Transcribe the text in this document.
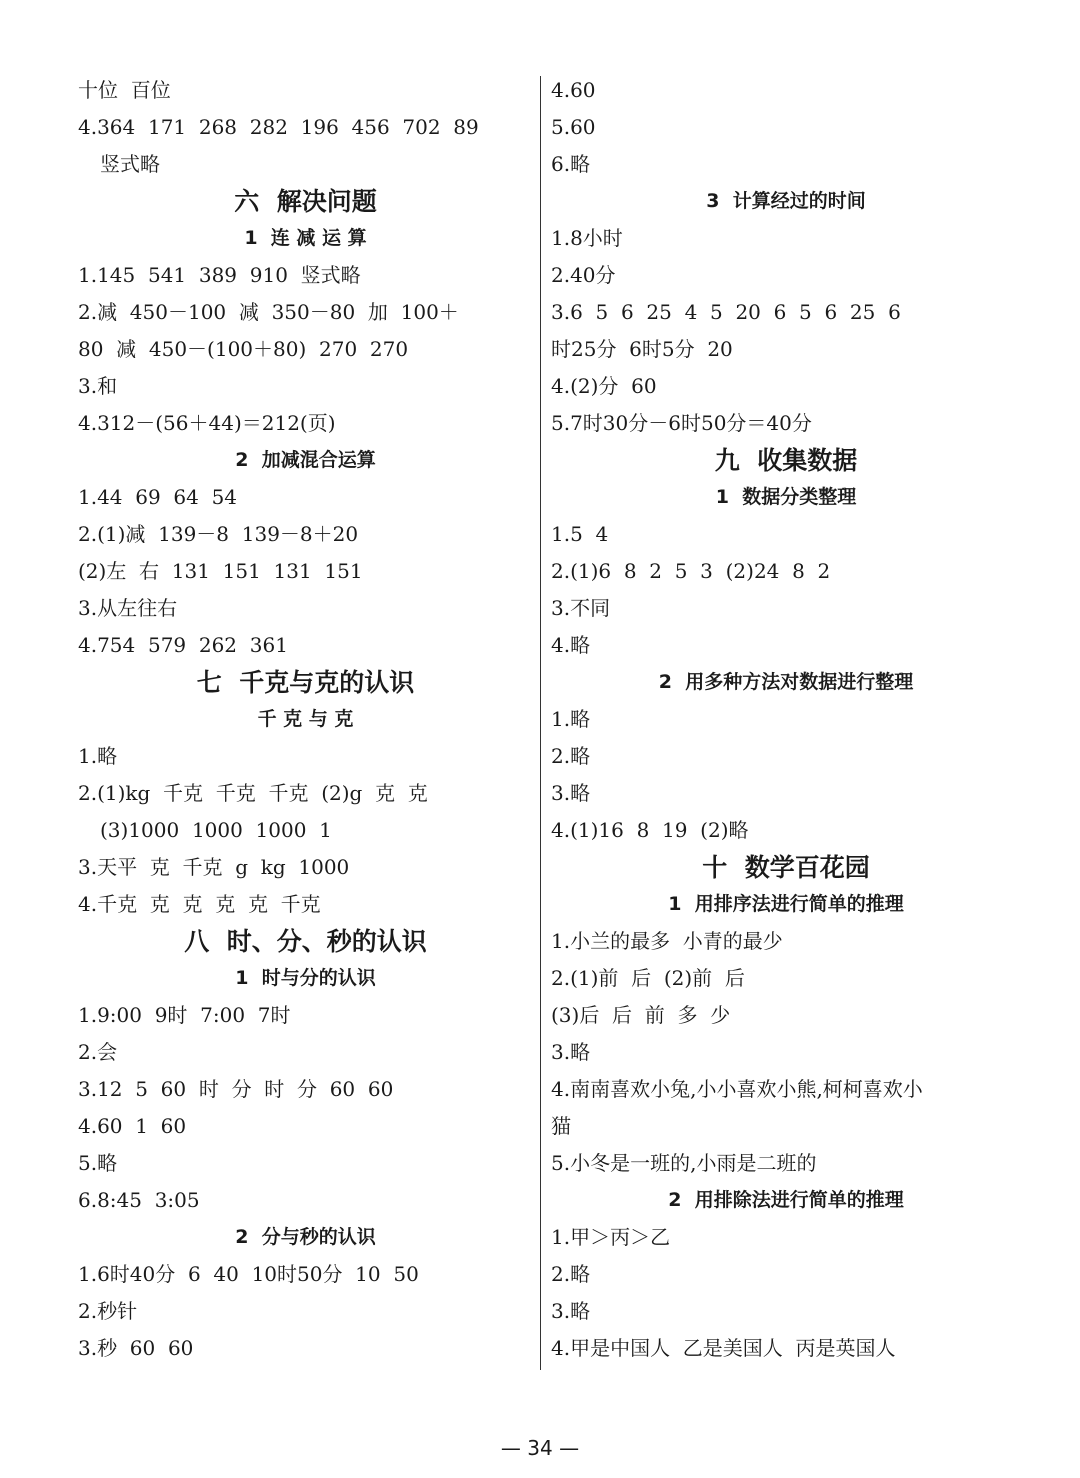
十位  百位
4.364  171  268  282  196  456  702  89
竖式略
六  解决问题
1  连 减 运 算
1.145  541  389  910  竖式略
2.减  450－100  减  350－80  加  100＋
80  减  450－(100＋80)  270  270
3.和
4.312－(56＋44)＝212(页)
2  加减混合运算
1.44  69  64  54
2.(1)减  139－8  139－8＋20
(2)左  右  131  151  131  151
3.从左往右
4.754  579  262  361
七  千克与克的认识
千 克 与 克
1.略
2.(1)kg  千克  千克  千克  (2)g  克  克
(3)1000  1000  1000  1
3.天平  克  千克  g  kg  1000
4.千克  克  克  克  克  千克
八  时、分、秒的认识
1  时与分的认识
1.9:00  9时  7:00  7时
2.会
3.12  5  60  时  分  时  分  60  60
4.60  1  60
5.略
6.8:45  3:05
2  分与秒的认识
1.6时40分  6  40  10时50分  10  50
2.秒针
3.秒  60  60
4.60
5.60
6.略
3  计算经过的时间
1.8小时
2.40分
3.6  5  6  25  4  5  20  6  5  6  25  6
时25分  6时5分  20
4.(2)分  60
5.7时30分－6时50分＝40分
九  收集数据
1  数据分类整理
1.5  4
2.(1)6  8  2  5  3  (2)24  8  2
3.不同
4.略
2  用多种方法对数据进行整理
1.略
2.略
3.略
4.(1)16  8  19  (2)略
十  数学百花园
1  用排序法进行简单的推理
1.小兰的最多  小青的最少
2.(1)前  后  (2)前  后
(3)后  后  前  多  少
3.略
4.南南喜欢小兔,小小喜欢小熊,柯柯喜欢小
猫
5.小冬是一班的,小雨是二班的
2  用排除法进行简单的推理
1.甲＞丙＞乙
2.略
3.略
4.甲是中国人  乙是美国人  丙是英国人
— 34 —
